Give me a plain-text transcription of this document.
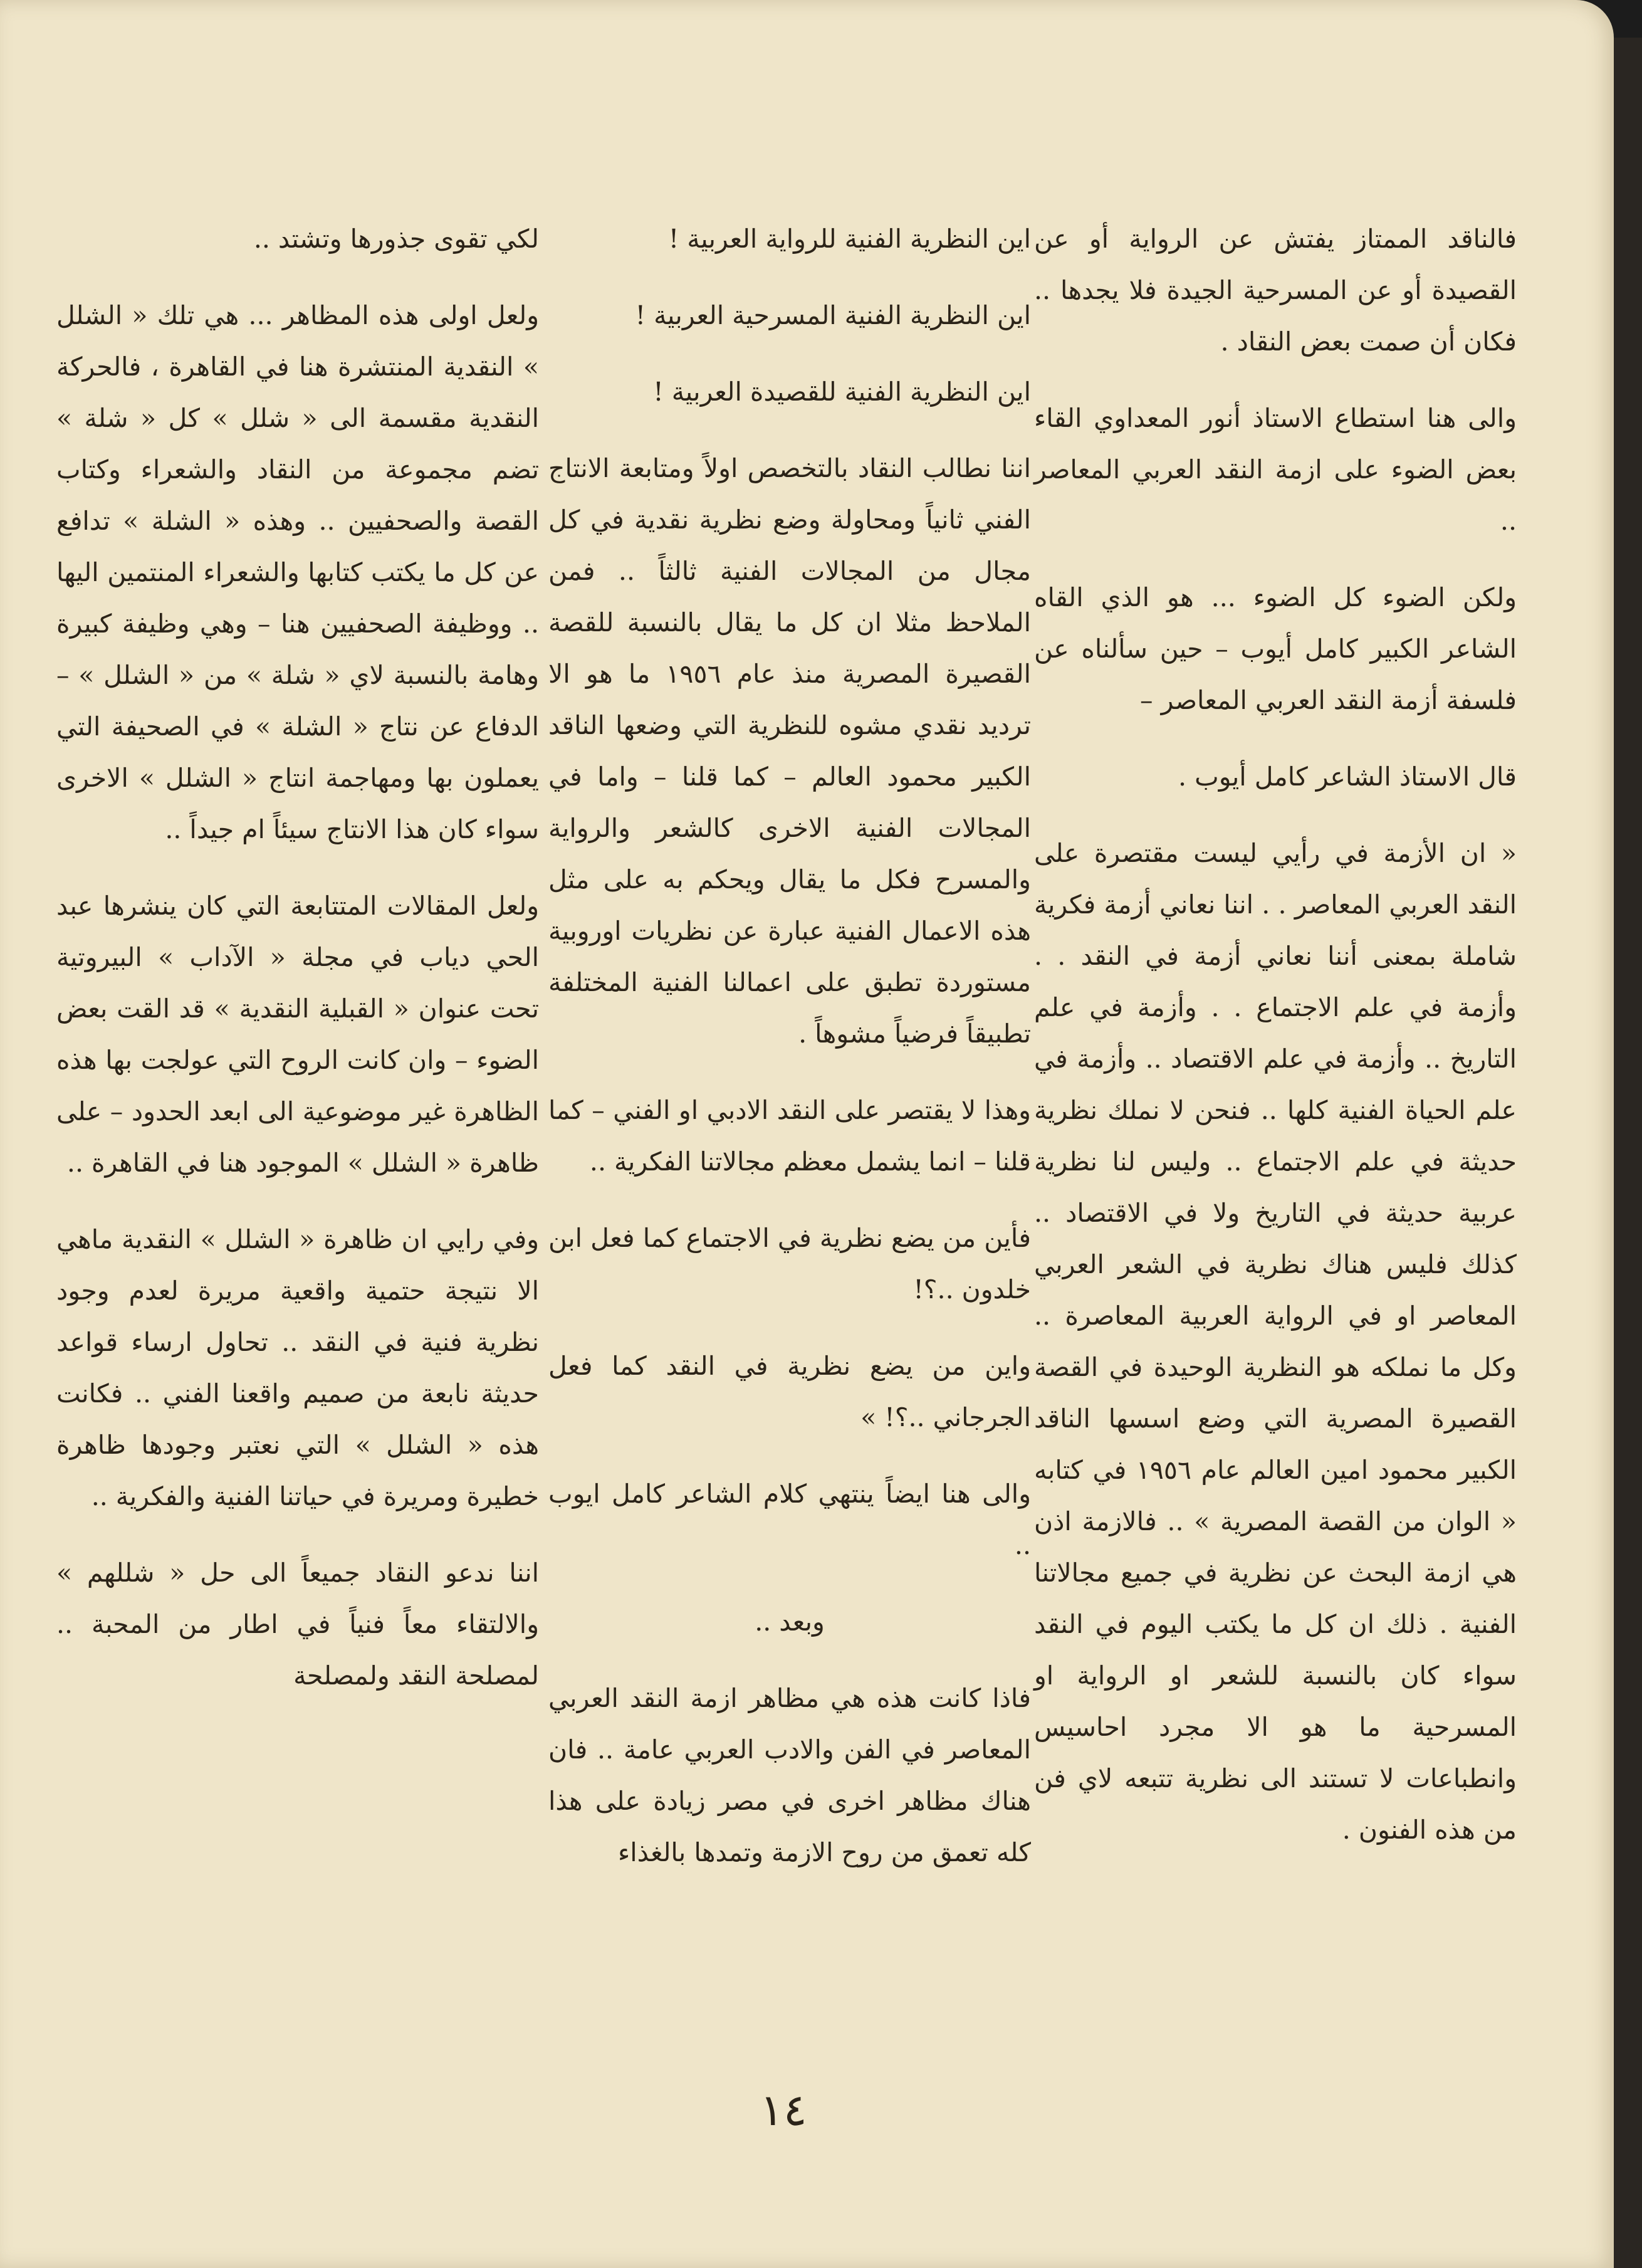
فالناقد الممتاز يفتش عن الرواية أو عن القصيدة أو عن المسرحية الجيدة فلا يجدها .. فكان أن صمت بعض النقاد .

والى هنا استطاع الاستاذ أنور المعداوي القاء بعض الضوء على ازمة النقد العربي المعاصر ..

ولكن الضوء كل الضوء ... هو الذي القاه الشاعر الكبير كامل أيوب – حين سألناه عن فلسفة أزمة النقد العربي المعاصر –

قال الاستاذ الشاعر كامل أيوب .

« ان الأزمة في رأيي ليست مقتصرة على النقد العربي المعاصر . . اننا نعاني أزمة فكرية شاملة بمعنى أننا نعاني أزمة في النقد . . وأزمة في علم الاجتماع . . وأزمة في علم التاريخ .. وأزمة في علم الاقتصاد .. وأزمة في علم الحياة الفنية كلها .. فنحن لا نملك نظرية حديثة في علم الاجتماع .. وليس لنا نظرية عربية حديثة في التاريخ ولا في الاقتصاد .. كذلك فليس هناك نظرية في الشعر العربي المعاصر او في الرواية العربية المعاصرة .. وكل ما نملكه هو النظرية الوحيدة في القصة القصيرة المصرية التي وضع اسسها الناقد الكبير محمود امين العالم عام ١٩٥٦ في كتابه « الوان من القصة المصرية » .. فالازمة اذن هي ازمة البحث عن نظرية في جميع مجالاتنا الفنية . ذلك ان كل ما يكتب اليوم في النقد سواء كان بالنسبة للشعر او الرواية او المسرحية ما هو الا مجرد احاسيس وانطباعات لا تستند الى نظرية تتبعه لاي فن من هذه الفنون .

اين النظرية الفنية للرواية العربية !
اين النظرية الفنية المسرحية العربية !
اين النظرية الفنية للقصيدة العربية !

اننا نطالب النقاد بالتخصص اولاً ومتابعة الانتاج الفني ثانياً ومحاولة وضع نظرية نقدية في كل مجال من المجالات الفنية ثالثاً .. فمن الملاحظ مثلا ان كل ما يقال بالنسبة للقصة القصيرة المصرية منذ عام ١٩٥٦ ما هو الا ترديد نقدي مشوه للنظرية التي وضعها الناقد الكبير محمود العالم – كما قلنا – واما في المجالات الفنية الاخرى كالشعر والرواية والمسرح فكل ما يقال ويحكم به على مثل هذه الاعمال الفنية عبارة عن نظريات اوروبية مستوردة تطبق على اعمالنا الفنية المختلفة تطبيقاً فرضياً مشوهاً .

وهذا لا يقتصر على النقد الادبي او الفني – كما قلنا – انما يشمل معظم مجالاتنا الفكرية ..

فأين من يضع نظرية في الاجتماع كما فعل ابن خلدون ..؟!

واين من يضع نظرية في النقد كما فعل الجرجاني ..؟! »

والى هنا ايضاً ينتهي كلام الشاعر كامل ايوب ..

وبعد ..

فاذا كانت هذه هي مظاهر ازمة النقد العربي المعاصر في الفن والادب العربي عامة .. فان هناك مظاهر اخرى في مصر زيادة على هذا كله تعمق من روح الازمة وتمدها بالغذاء

لكي تقوى جذورها وتشتد ..

ولعل اولى هذه المظاهر ... هي تلك « الشلل » النقدية المنتشرة هنا في القاهرة ، فالحركة النقدية مقسمة الى « شلل » كل « شلة » تضم مجموعة من النقاد والشعراء وكتاب القصة والصحفيين .. وهذه « الشلة » تدافع عن كل ما يكتب كتابها والشعراء المنتمين اليها .. ووظيفة الصحفيين هنا – وهي وظيفة كبيرة وهامة بالنسبة لاي « شلة » من « الشلل » – الدفاع عن نتاج « الشلة » في الصحيفة التي يعملون بها ومهاجمة انتاج « الشلل » الاخرى سواء كان هذا الانتاج سيئاً ام جيداً ..

ولعل المقالات المتتابعة التي كان ينشرها عبد الحي دياب في مجلة « الآداب » البيروتية تحت عنوان « القبلية النقدية » قد القت بعض الضوء – وان كانت الروح التي عولجت بها هذه الظاهرة غير موضوعية الى ابعد الحدود – على ظاهرة « الشلل » الموجود هنا في القاهرة ..

وفي رايي ان ظاهرة « الشلل » النقدية ماهي الا نتيجة حتمية واقعية مريرة لعدم وجود نظرية فنية في النقد .. تحاول ارساء قواعد حديثة نابعة من صميم واقعنا الفني .. فكانت هذه « الشلل » التي نعتبر وجودها ظاهرة خطيرة ومريرة في حياتنا الفنية والفكرية ..

اننا ندعو النقاد جميعاً الى حل « شللهم » والالتقاء معاً فنياً في اطار من المحبة .. لمصلحة النقد ولمصلحة

١٤
